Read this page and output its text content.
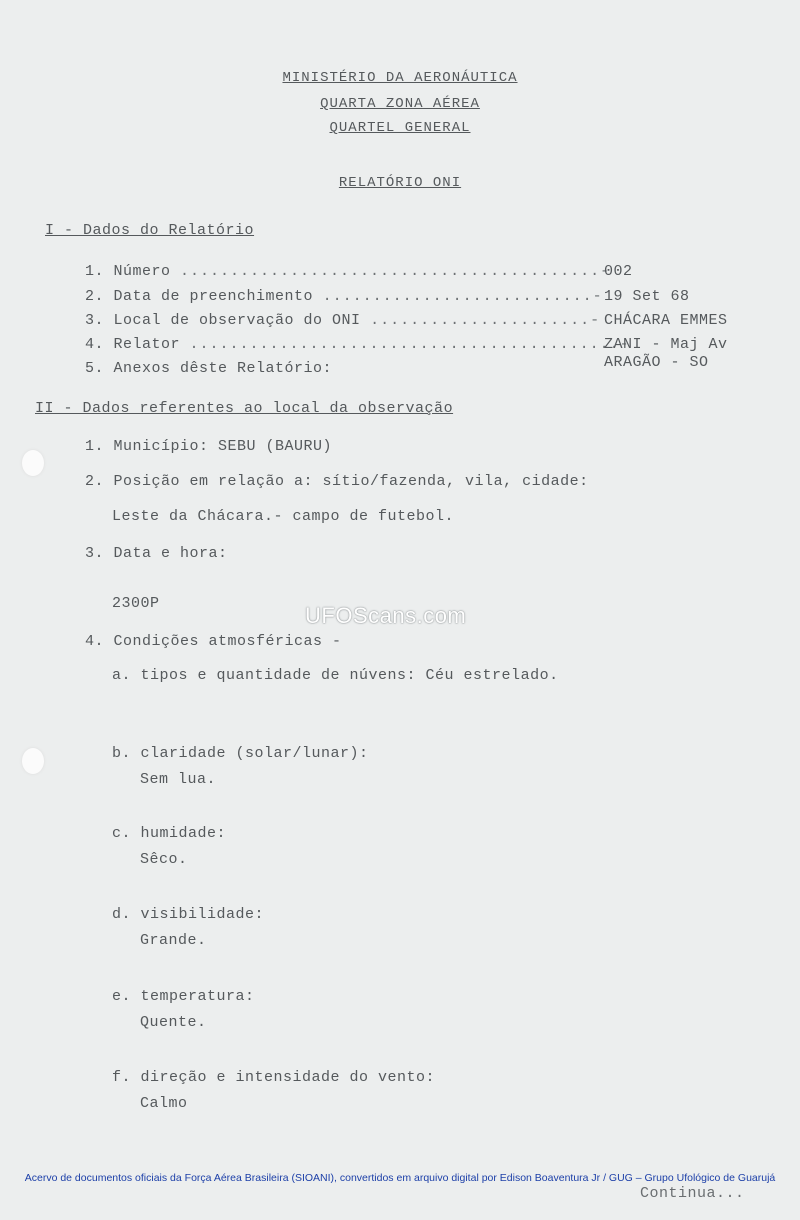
MINISTÉRIO DA AERONÁUTICA
QUARTA ZONA AÉREA
QUARTEL GENERAL
RELATÓRIO ONI
I - Dados do Relatório
1. Número ..........................................-
002
2. Data de preenchimento ...........................- 19 Set 68
3. Local de observação do ONI ......................- CHÁCARA EMMES
4. Relator ...........................................-
ZANI - Maj Av
5. Anexos dêste Relatório:	ARAGÃO - SO
II - Dados referentes ao local da observação
1. Município: SEBU (BAURU)
2. Posição em relação a: sítio/fazenda, vila, cidade:
Leste da Chácara.- campo de futebol.
3. Data e hora:
2300P
4. Condições atmosféricas -
a. tipos e quantidade de núvens: Céu estrelado.
b. claridade (solar/lunar):
Sem lua.
c. humidade:
Sêco.
d. visibilidade:
Grande.
e. temperatura:
Quente.
f. direção e intensidade do vento:
Calmo
UFOScans.com
Acervo de documentos oficiais da Força Aérea Brasileira (SIOANI), convertidos em arquivo digital por Edison Boaventura Jr / GUG – Grupo Ufológico de Guarujá
Continua...
